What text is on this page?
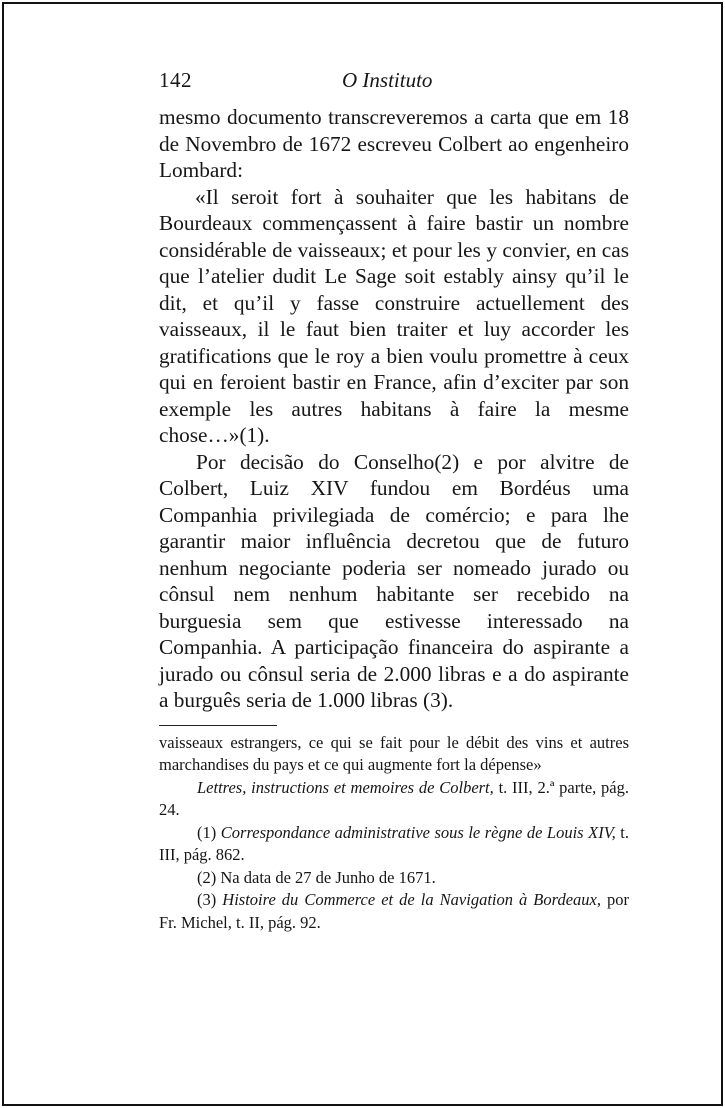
142	O Instituto

mesmo documento transcreveremos a carta que em 18 de Novembro de 1672 escreveu Colbert ao engenheiro Lombard:

«Il seroit fort à souhaiter que les habitans de Bourdeaux commençassent à faire bastir un nombre considérable de vaisseaux; et pour les y convier, en cas que l’atelier dudit Le Sage soit estably ainsy qu’il le dit, et qu’il y fasse construire actuellement des vaisseaux, il le faut bien traiter et luy accorder les gratifications que le roy a bien voulu promettre à ceux qui en feroient bastir en France, afin d’exciter par son exemple les autres habitans à faire la mesme chose…»(1).

Por decisão do Conselho(2) e por alvitre de Colbert, Luiz XIV fundou em Bordéus uma Companhia privilegiada de comércio; e para lhe garantir maior influência decretou que de futuro nenhum negociante poderia ser nomeado jurado ou cônsul nem nenhum habitante ser recebido na burguesia sem que estivesse interessado na Companhia. A participação financeira do aspirante a jurado ou cônsul seria de 2.000 libras e a do aspirante a burguês seria de 1.000 libras (3).

vaisseaux estrangers, ce qui se fait pour le débit des vins et autres marchandises du pays et ce qui augmente fort la dépense»

Lettres, instructions et memoires de Colbert, t. III, 2.ª parte, pág. 24.

(1) Correspondance administrative sous le règne de Louis XIV, t. III, pág. 862.

(2) Na data de 27 de Junho de 1671.

(3) Histoire du Commerce et de la Navigation à Bordeaux, por Fr. Michel, t. II, pág. 92.
